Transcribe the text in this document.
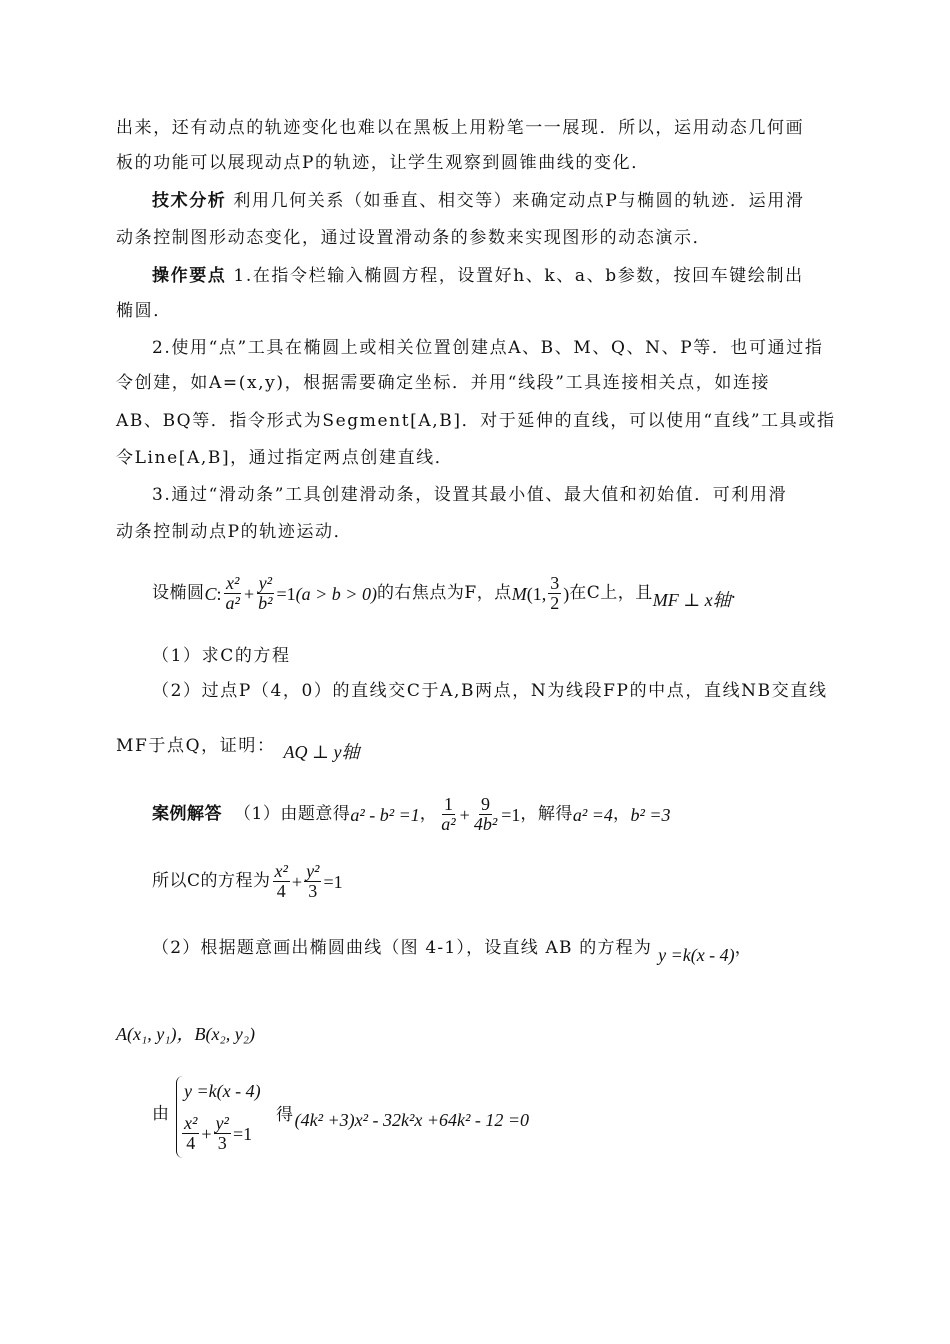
出来，还有动点的轨迹变化也难以在黑板上用粉笔一一展现．所以，运用动态几何画
板的功能可以展现动点P的轨迹，让学生观察到圆锥曲线的变化．
技术分析 利用几何关系（如垂直、相交等）来确定动点P与椭圆的轨迹．运用滑
动条控制图形动态变化，通过设置滑动条的参数来实现图形的动态演示．
操作要点 1.在指令栏输入椭圆方程，设置好h、k、a、b参数，按回车键绘制出
椭圆．
2.使用“点”工具在椭圆上或相关位置创建点A、B、M、Q、N、P等．也可通过指
令创建，如A=(x,y)，根据需要确定坐标．并用“线段”工具连接相关点，如连接
AB、BQ等．指令形式为Segment[A,B]．对于延伸的直线，可以使用“直线”工具或指
令Line[A,B]，通过指定两点创建直线．
3.通过“滑动条”工具创建滑动条，设置其最小值、最大值和初始值．可利用滑
动条控制动点P的轨迹运动．
设椭圆C: $\frac{\text{x²}}{\text{a²}} + \frac{\text{y²}}{\text{b²}} =1(a > b > 0)$的右焦点为F，点M(1, $\frac{3}{2}$ )在C上，且MF ⊥ x轴.
（1）求C的方程
（2）过点P（4，0）的直线交C于A,B两点，N为线段FP的中点，直线NB交直线
MF于点Q，证明： AQ ⊥ y轴
案例解答 （1）由题意得a² - b² =1， $\frac{1}{\text{a²}} + \frac{9}{\text{4b²}} =1$，解得a² =4，b² =3
所以C的方程为 $\frac{\text{x²}}{4} + \frac{\text{y²}}{3} =1$
（2）根据题意画出椭圆曲线（图 4-1），设直线 AB 的方程为 y =k(x - 4)，
A(x₁, y₁)，B(x₂, y₂)
由
y =k(x - 4)
$\frac{\text{x²}}{4} + \frac{\text{y²}}{3} =1$
得(4k² +3)x² - 32k²x +64k² - 12 =0
